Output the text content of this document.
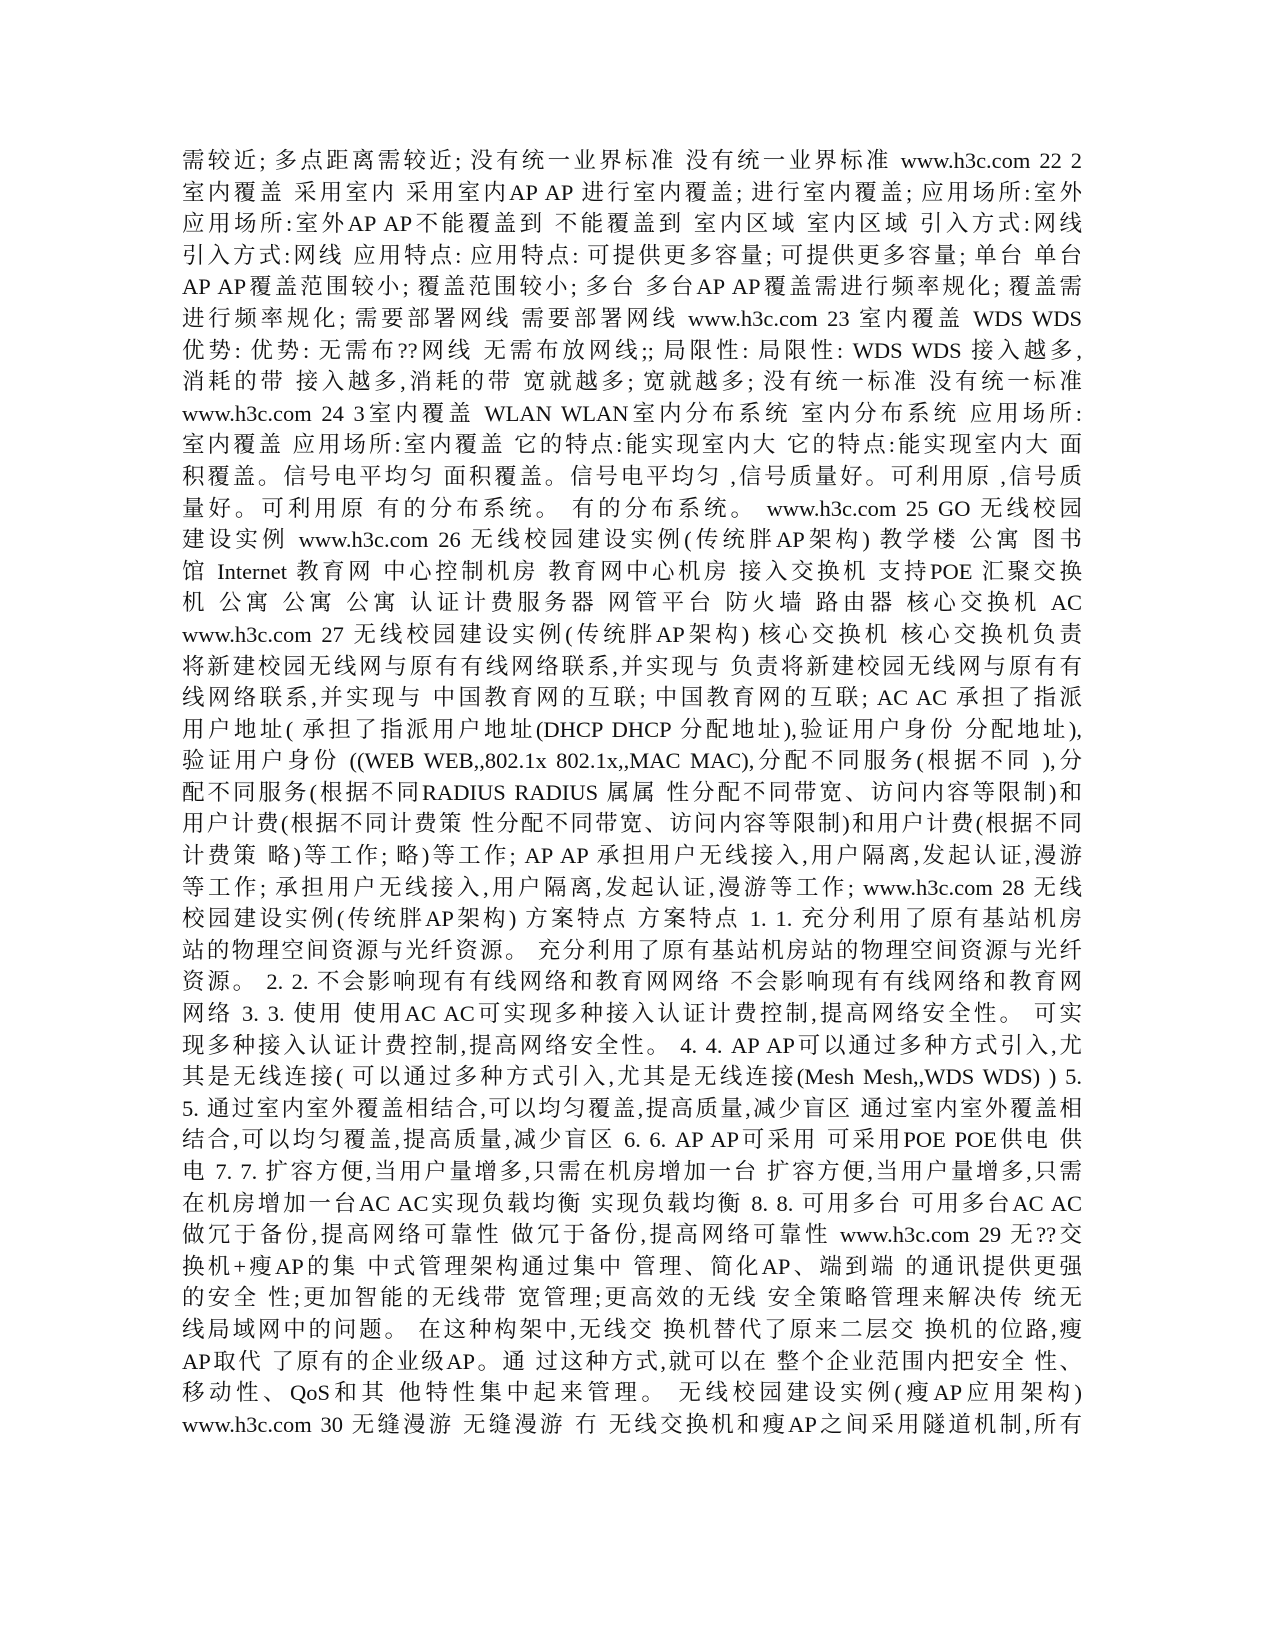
需较近; 多点距离需较近; 没有统一业界标准 没有统一业界标准 www.h3c.com 22 2
室内覆盖 采用室内 采用室内AP AP 进行室内覆盖; 进行室内覆盖; 应用场所:室外
应用场所:室外AP AP不能覆盖到 不能覆盖到 室内区域 室内区域 引入方式:网线
引入方式:网线 应用特点: 应用特点: 可提供更多容量; 可提供更多容量; 单台 单台
AP AP覆盖范围较小; 覆盖范围较小; 多台 多台AP AP覆盖需进行频率规化; 覆盖需
进行频率规化; 需要部署网线 需要部署网线 www.h3c.com 23 室内覆盖 WDS WDS
优势: 优势: 无需布??网线 无需布放网线;; 局限性: 局限性: WDS WDS 接入越多,
消耗的带 接入越多,消耗的带 宽就越多; 宽就越多; 没有统一标准 没有统一标准
www.h3c.com 24 3室内覆盖 WLAN WLAN室内分布系统 室内分布系统 应用场所:
室内覆盖 应用场所:室内覆盖 它的特点:能实现室内大 它的特点:能实现室内大 面
积覆盖。信号电平均匀 面积覆盖。信号电平均匀 ,信号质量好。可利用原 ,信号质
量好。可利用原 有的分布系统。 有的分布系统。 www.h3c.com 25 GO 无线校园
建设实例 www.h3c.com 26 无线校园建设实例(传统胖AP架构) 教学楼 公寓 图书
馆 Internet 教育网 中心控制机房 教育网中心机房 接入交换机 支持POE 汇聚交换
机 公寓 公寓 公寓 认证计费服务器 网管平台 防火墙 路由器 核心交换机 AC
www.h3c.com 27 无线校园建设实例(传统胖AP架构) 核心交换机 核心交换机负责
将新建校园无线网与原有有线网络联系,并实现与 负责将新建校园无线网与原有有
线网络联系,并实现与 中国教育网的互联; 中国教育网的互联; AC AC 承担了指派
用户地址( 承担了指派用户地址(DHCP DHCP 分配地址),验证用户身份 分配地址),
验证用户身份 ((WEB WEB,,802.1x 802.1x,,MAC MAC),分配不同服务(根据不同 ),分
配不同服务(根据不同RADIUS RADIUS 属属 性分配不同带宽、访问内容等限制)和
用户计费(根据不同计费策 性分配不同带宽、访问内容等限制)和用户计费(根据不同
计费策 略)等工作; 略)等工作; AP AP 承担用户无线接入,用户隔离,发起认证,漫游
等工作; 承担用户无线接入,用户隔离,发起认证,漫游等工作; www.h3c.com 28 无线
校园建设实例(传统胖AP架构) 方案特点 方案特点 1. 1. 充分利用了原有基站机房
站的物理空间资源与光纤资源。 充分利用了原有基站机房站的物理空间资源与光纤
资源。 2. 2. 不会影响现有有线网络和教育网网络 不会影响现有有线网络和教育网
网络 3. 3. 使用 使用AC AC可实现多种接入认证计费控制,提高网络安全性。 可实
现多种接入认证计费控制,提高网络安全性。 4. 4. AP AP可以通过多种方式引入,尤
其是无线连接( 可以通过多种方式引入,尤其是无线连接(Mesh Mesh,,WDS WDS) ) 5.
5. 通过室内室外覆盖相结合,可以均匀覆盖,提高质量,减少盲区 通过室内室外覆盖相
结合,可以均匀覆盖,提高质量,减少盲区 6. 6. AP AP可采用 可采用POE POE供电 供
电 7. 7. 扩容方便,当用户量增多,只需在机房增加一台 扩容方便,当用户量增多,只需
在机房增加一台AC AC实现负载均衡 实现负载均衡 8. 8. 可用多台 可用多台AC AC
做冗于备份,提高网络可靠性 做冗于备份,提高网络可靠性 www.h3c.com 29 无??交
换机+瘦AP的集 中式管理架构通过集中 管理、简化AP、端到端 的通讯提供更强
的安全 性;更加智能的无线带 宽管理;更高效的无线 安全策略管理来解决传 统无
线局域网中的问题。 在这种构架中,无线交 换机替代了原来二层交 换机的位路,瘦
AP取代 了原有的企业级AP。通 过这种方式,就可以在 整个企业范围内把安全 性、
移动性、QoS和其 他特性集中起来管理。 无线校园建设实例(瘦AP应用架构)
www.h3c.com 30 无缝漫游 无缝漫游 冇 无线交换机和瘦AP之间采用隧道机制,所有
